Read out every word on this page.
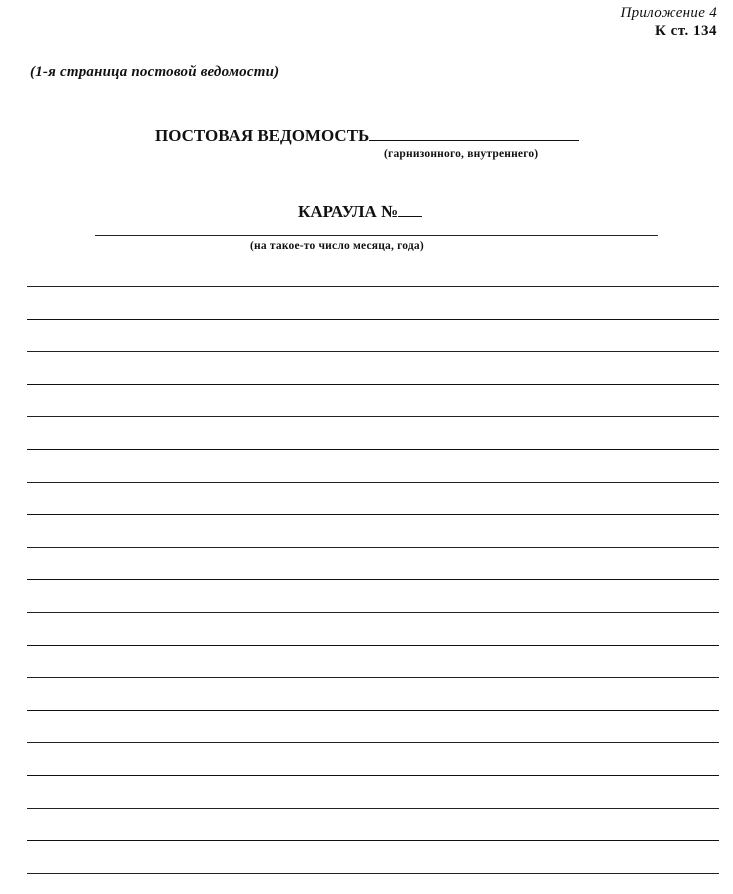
Приложение 4
К ст. 134
(1-я страница постовой ведомости)
ПОСТОВАЯ ВЕДОМОСТЬ
(гарнизонного, внутреннего)
КАРАУЛА №
(на такое-то число месяца, года)
